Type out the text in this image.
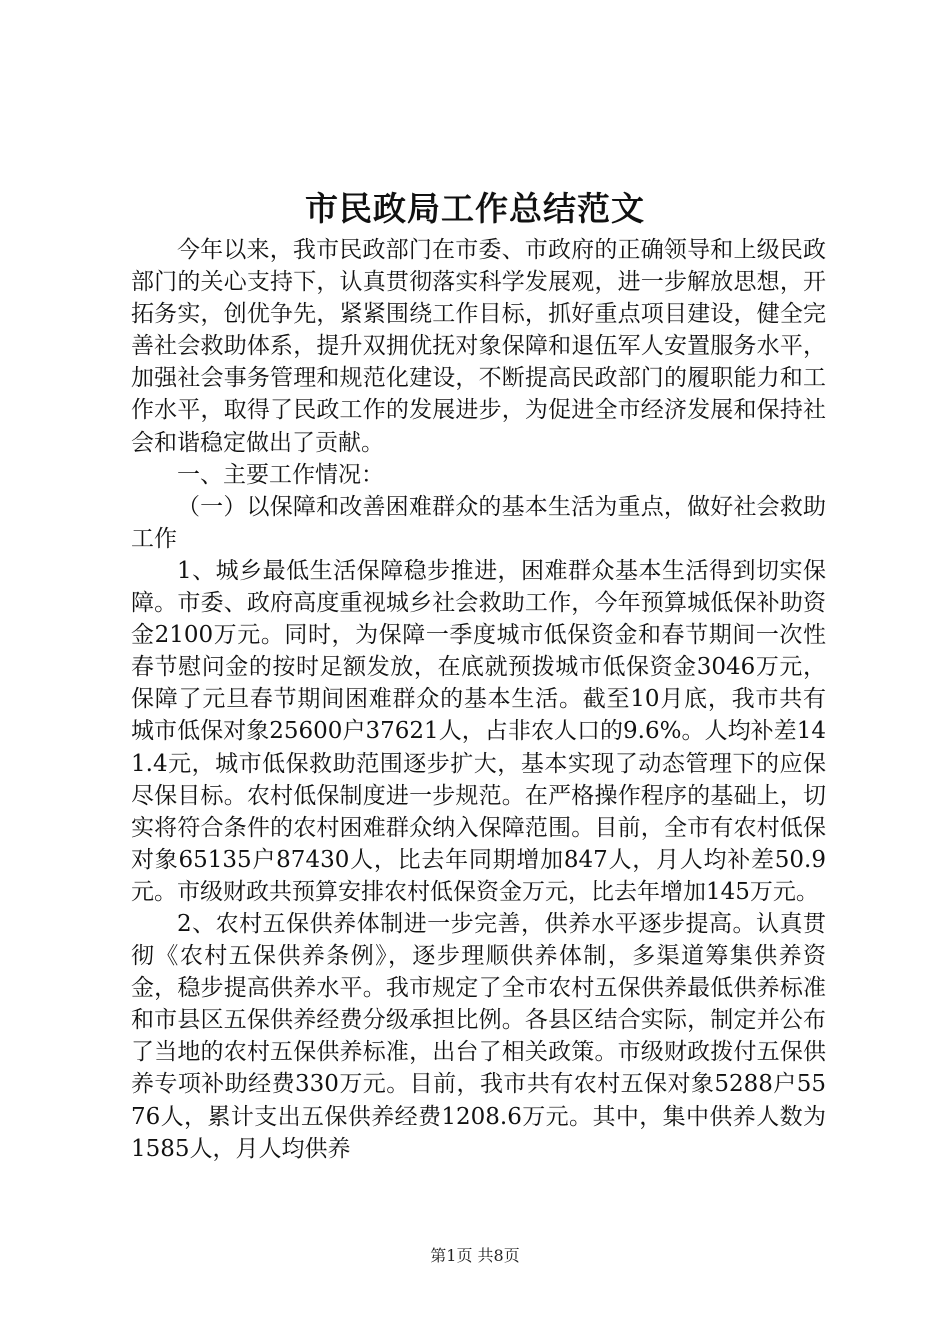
市民政局工作总结范文

今年以来，我市民政部门在市委、市政府的正确领导和上级民政部门的关心支持下，认真贯彻落实科学发展观，进一步解放思想，开拓务实，创优争先，紧紧围绕工作目标，抓好重点项目建设，健全完善社会救助体系，提升双拥优抚对象保障和退伍军人安置服务水平，加强社会事务管理和规范化建设，不断提高民政部门的履职能力和工作水平，取得了民政工作的发展进步，为促进全市经济发展和保持社会和谐稳定做出了贡献。

一、主要工作情况：

（一）以保障和改善困难群众的基本生活为重点，做好社会救助工作

1、城乡最低生活保障稳步推进，困难群众基本生活得到切实保障。市委、政府高度重视城乡社会救助工作，今年预算城低保补助资金2100万元。同时，为保障一季度城市低保资金和春节期间一次性春节慰问金的按时足额发放，在底就预拨城市低保资金3046万元，保障了元旦春节期间困难群众的基本生活。截至10月底，我市共有城市低保对象25600户37621人，占非农人口的9.6%。人均补差141.4元，城市低保救助范围逐步扩大，基本实现了动态管理下的应保尽保目标。农村低保制度进一步规范。在严格操作程序的基础上，切实将符合条件的农村困难群众纳入保障范围。目前，全市有农村低保对象65135户87430人，比去年同期增加847人，月人均补差50.9元。市级财政共预算安排农村低保资金万元，比去年增加145万元。

2、农村五保供养体制进一步完善，供养水平逐步提高。认真贯彻《农村五保供养条例》，逐步理顺供养体制，多渠道筹集供养资金，稳步提高供养水平。我市规定了全市农村五保供养最低供养标准和市县区五保供养经费分级承担比例。各县区结合实际，制定并公布了当地的农村五保供养标准，出台了相关政策。市级财政拨付五保供养专项补助经费330万元。目前，我市共有农村五保对象5288户5576人，累计支出五保供养经费1208.6万元。其中，集中供养人数为1585人，月人均供养

第1页 共8页
